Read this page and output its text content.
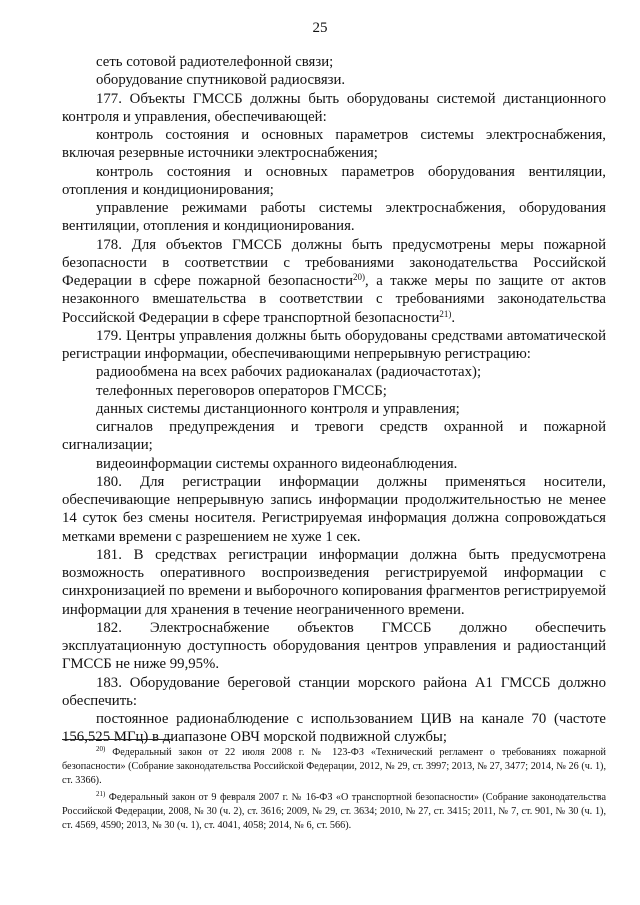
25

сеть сотовой радиотелефонной связи;

оборудование спутниковой радиосвязи.

177. Объекты ГМССБ должны быть оборудованы системой дистанционного контроля и управления, обеспечивающей:

контроль состояния и основных параметров системы электроснабжения, включая резервные источники электроснабжения;

контроль состояния и основных параметров оборудования вентиляции, отопления и кондиционирования;

управление режимами работы системы электроснабжения, оборудования вентиляции, отопления и кондиционирования.

178. Для объектов ГМССБ должны быть предусмотрены меры пожарной безопасности в соответствии с требованиями законодательства Российской Федерации в сфере пожарной безопасности$^{20)}$, а также меры по защите от актов незаконного вмешательства в соответствии с требованиями законодательства Российской Федерации в сфере транспортной безопасности$^{21)}$.

179. Центры управления должны быть оборудованы средствами автоматической регистрации информации, обеспечивающими непрерывную регистрацию:

радиообмена на всех рабочих радиоканалах (радиочастотах);

телефонных переговоров операторов ГМССБ;

данных системы дистанционного контроля и управления;

сигналов предупреждения и тревоги средств охранной и пожарной сигнализации;

видеоинформации системы охранного видеонаблюдения.

180. Для регистрации информации должны применяться носители, обеспечивающие непрерывную запись информации продолжительностью не менее 14 суток без смены носителя. Регистрируемая информация должна сопровождаться метками времени с разрешением не хуже 1 сек.

181. В средствах регистрации информации должна быть предусмотрена возможность оперативного воспроизведения регистрируемой информации с синхронизацией по времени и выборочного копирования фрагментов регистрируемой информации для хранения в течение неограниченного времени.

182. Электроснабжение объектов ГМССБ должно обеспечить эксплуатационную доступность оборудования центров управления и радиостанций ГМССБ не ниже 99,95%.

183. Оборудование береговой станции морского района А1 ГМССБ должно обеспечить:

постоянное радионаблюдение с использованием ЦИВ на канале 70 (частоте 156,525 МГц) в диапазоне ОВЧ морской подвижной службы;

$^{20)}$ Федеральный закон от 22 июля 2008 г. № 123-ФЗ «Технический регламент о требованиях пожарной безопасности» (Собрание законодательства Российской Федерации, 2012, № 29, ст. 3997; 2013, № 27, 3477; 2014, № 26 (ч. 1), ст. 3366).

$^{21)}$ Федеральный закон от 9 февраля 2007 г. № 16-ФЗ «О транспортной безопасности» (Собрание законодательства Российской Федерации, 2008, № 30 (ч. 2), ст. 3616; 2009, № 29, ст. 3634; 2010, № 27, ст. 3415; 2011, № 7, ст. 901, № 30 (ч. 1), ст. 4569, 4590; 2013, № 30 (ч. 1), ст. 4041, 4058; 2014, № 6, ст. 566).
